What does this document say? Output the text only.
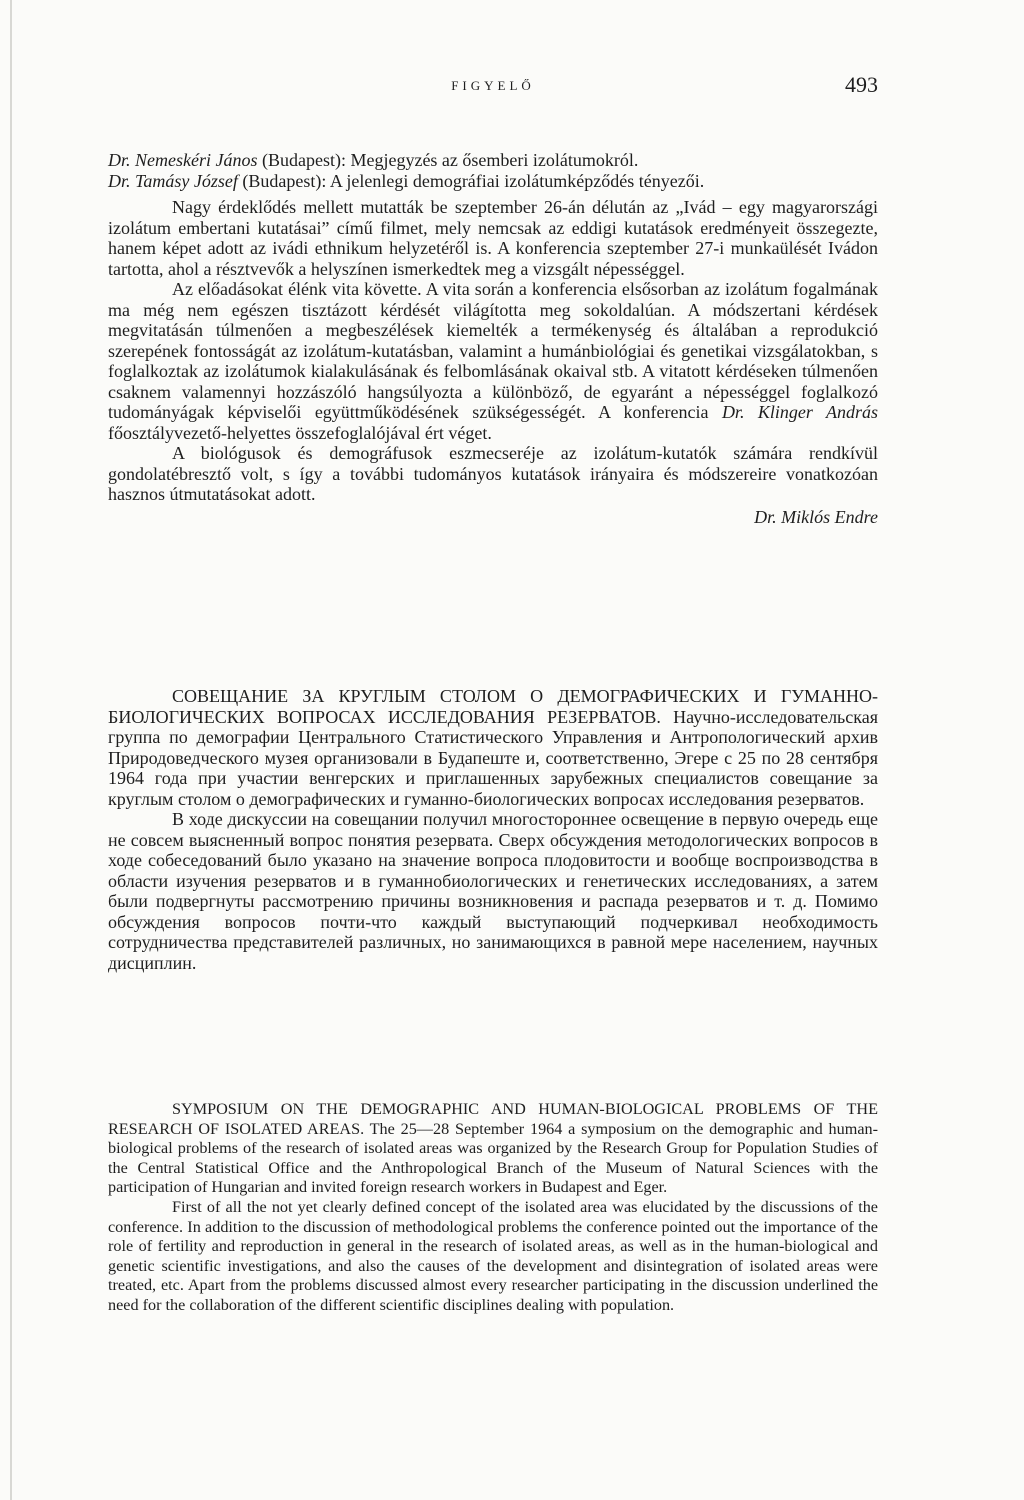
FIGYELŐ	493

Dr. Nemeskéri János (Budapest): Megjegyzés az ősemberi izolátumokról.

Dr. Tamásy József (Budapest): A jelenlegi demográfiai izolátumképződés tényezői.

Nagy érdeklődés mellett mutatták be szeptember 26-án délután az „Ivád – egy magyarországi izolátum embertani kutatásai” című filmet, mely nemcsak az eddigi kutatások eredményeit összegezte, hanem képet adott az ivádi ethnikum helyzetéről is. A konferencia szeptember 27-i munkaülését Ivádon tartotta, ahol a résztvevők a helyszínen ismerkedtek meg a vizsgált népességgel.

Az előadásokat élénk vita követte. A vita során a konferencia elsősorban az izolátum fogalmának ma még nem egészen tisztázott kérdését világította meg sokoldalúan. A módszertani kérdések megvitatásán túlmenően a megbeszélések kiemelték a termékenység és általában a reprodukció szerepének fontosságát az izolátum-kutatásban, valamint a humánbiológiai és genetikai vizsgálatokban, s foglalkoztak az izolátumok kialakulásának és felbomlásának okaival stb. A vitatott kérdéseken túlmenően csaknem valamennyi hozzászóló hangsúlyozta a különböző, de egyaránt a népességgel foglalkozó tudományágak képviselői együttműködésének szükségességét. A konferencia Dr. Klinger András főosztályvezető-helyettes összefoglalójával ért véget.

A biológusok és demográfusok eszmecseréje az izolátum-kutatók számára rendkívül gondolatébresztő volt, s így a további tudományos kutatások irányaira és módszereire vonatkozóan hasznos útmutatásokat adott.

Dr. Miklós Endre

СОВЕЩАНИЕ ЗА КРУГЛЫМ СТОЛОМ О ДЕМОГРАФИЧЕСКИХ И ГУМАННО-БИОЛОГИЧЕСКИХ ВОПРОСАХ ИССЛЕДОВАНИЯ РЕЗЕРВАТОВ. Научно-исследовательская группа по демографии Центрального Статистического Управления и Антропологический архив Природоведческого музея организовали в Будапеште и, соответственно, Эгере с 25 по 28 сентября 1964 года при участии венгерских и приглашенных зарубежных специалистов совещание за круглым столом о демографических и гуманно-биологических вопросах исследования резерватов.

В ходе дискуссии на совещании получил многостороннее освещение в первую очередь еще не совсем выясненный вопрос понятия резервата. Сверх обсуждения методологических вопросов в ходе собеседований было указано на значение вопроса плодовитости и вообще воспроизводства в области изучения резерватов и в гуманнобиологических и генетических исследованиях, а затем были подвергнуты рассмотрению причины возникновения и распада резерватов и т. д. Помимо обсуждения вопросов почти-что каждый выступающий подчеркивал необходимость сотрудничества представителей различных, но занимающихся в равной мере населением, научных дисциплин.

SYMPOSIUM ON THE DEMOGRAPHIC AND HUMAN-BIOLOGICAL PROBLEMS OF THE RESEARCH OF ISOLATED AREAS. The 25—28 September 1964 a symposium on the demographic and human-biological problems of the research of isolated areas was organized by the Research Group for Population Studies of the Central Statistical Office and the Anthropological Branch of the Museum of Natural Sciences with the participation of Hungarian and invited foreign research workers in Budapest and Eger.

First of all the not yet clearly defined concept of the isolated area was elucidated by the discussions of the conference. In addition to the discussion of methodological problems the conference pointed out the importance of the role of fertility and reproduction in general in the research of isolated areas, as well as in the human-biological and genetic scientific investigations, and also the causes of the development and disintegration of isolated areas were treated, etc. Apart from the problems discussed almost every researcher participating in the discussion underlined the need for the collaboration of the different scientific disciplines dealing with population.
